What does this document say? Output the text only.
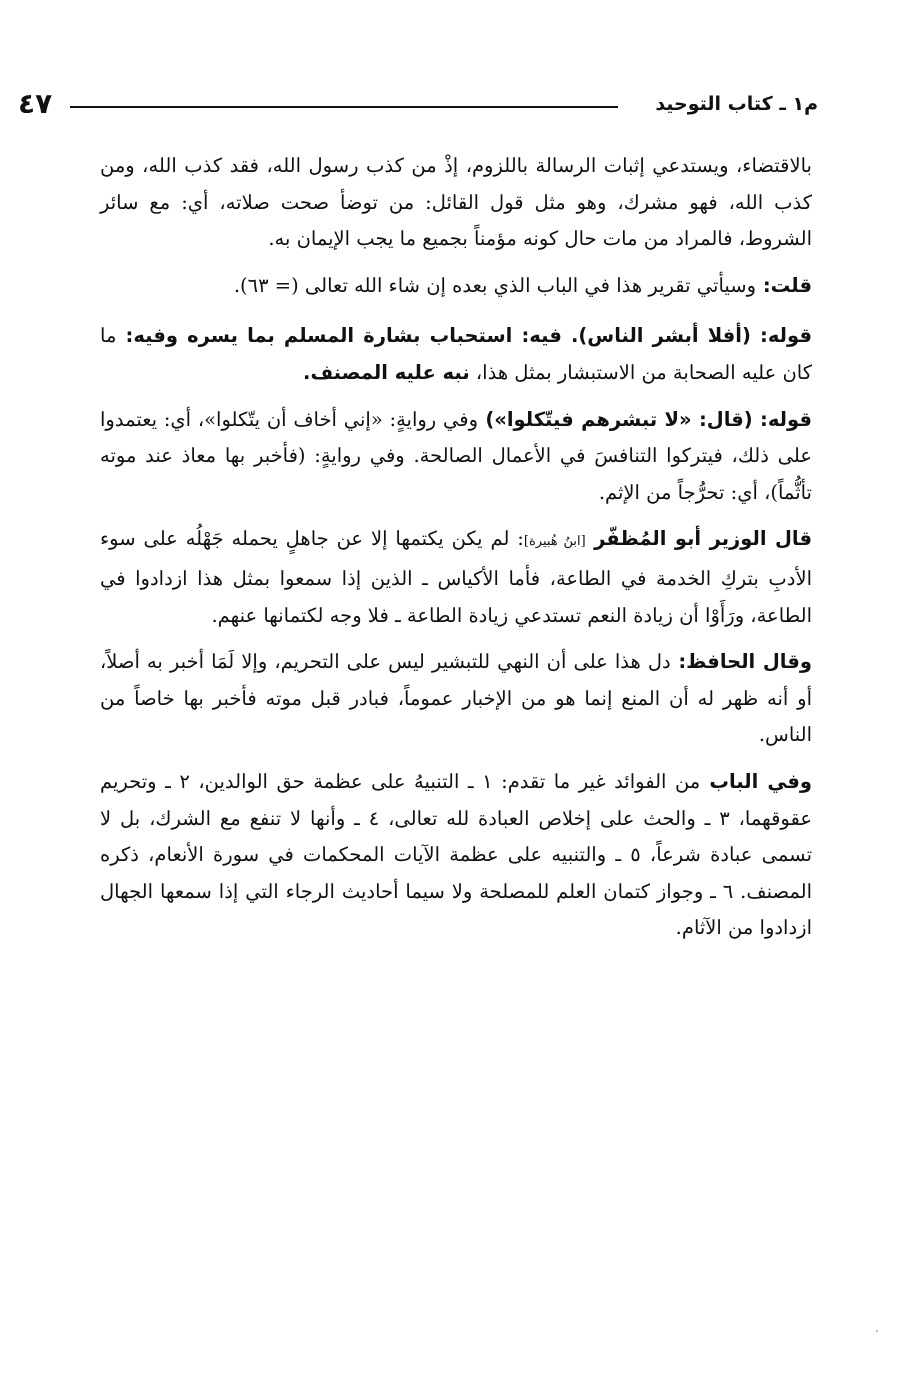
٤٧	م١ ـ كتاب التوحيد

بالاقتضاء، ويستدعي إثبات الرسالة باللزوم، إذْ من كذب رسول الله، فقد كذب الله، ومن كذب الله، فهو مشرك، وهو مثل قول القائل: من توضأ صحت صلاته، أي: مع سائر الشروط، فالمراد من مات حال كونه مؤمناً بجميع ما يجب الإيمان به.

قلت: وسيأتي تقرير هذا في الباب الذي بعده إن شاء الله تعالى (= ٦٣).

قوله: (أفلا أبشر الناس). فيه: استحباب بشارة المسلم بما يسره وفيه: ما كان عليه الصحابة من الاستبشار بمثل هذا، نبه عليه المصنف.

قوله: (قال: «لا تبشرهم فيتّكلوا») وفي روايةٍ: «إني أخاف أن يتّكلوا»، أي: يعتمدوا على ذلك، فيتركوا التنافسَ في الأعمال الصالحة. وفي روايةٍ: (فأخبر بها معاذ عند موته تأثُّماً)، أي: تحرُّجاً من الإثم.

قال الوزير أبو المُظفّر [ابنُ هُبيرة]: لم يكن يكتمها إلا عن جاهلٍ يحمله جَهْلُه على سوء الأدبِ بتركِ الخدمة في الطاعة، فأما الأكياس ـ الذين إذا سمعوا بمثل هذا ازدادوا في الطاعة، ورَأَوْا أن زيادة النعم تستدعي زيادة الطاعة ـ فلا وجه لكتمانها عنهم.

وقال الحافظ: دل هذا على أن النهي للتبشير ليس على التحريم، وإلا لَمَا أخبر به أصلاً، أو أنه ظهر له أن المنع إنما هو من الإخبار عموماً، فبادر قبل موته فأخبر بها خاصاً من الناس.

وفي الباب من الفوائد غير ما تقدم: ١ ـ التنبيهُ على عظمة حق الوالدين، ٢ ـ وتحريم عقوقهما، ٣ ـ والحث على إخلاص العبادة لله تعالى، ٤ ـ وأنها لا تنفع مع الشرك، بل لا تسمى عبادة شرعاً، ٥ ـ والتنبيه على عظمة الآيات المحكمات في سورة الأنعام، ذكره المصنف. ٦ ـ وجواز كتمان العلم للمصلحة ولا سيما أحاديث الرجاء التي إذا سمعها الجهال ازدادوا من الآثام.
